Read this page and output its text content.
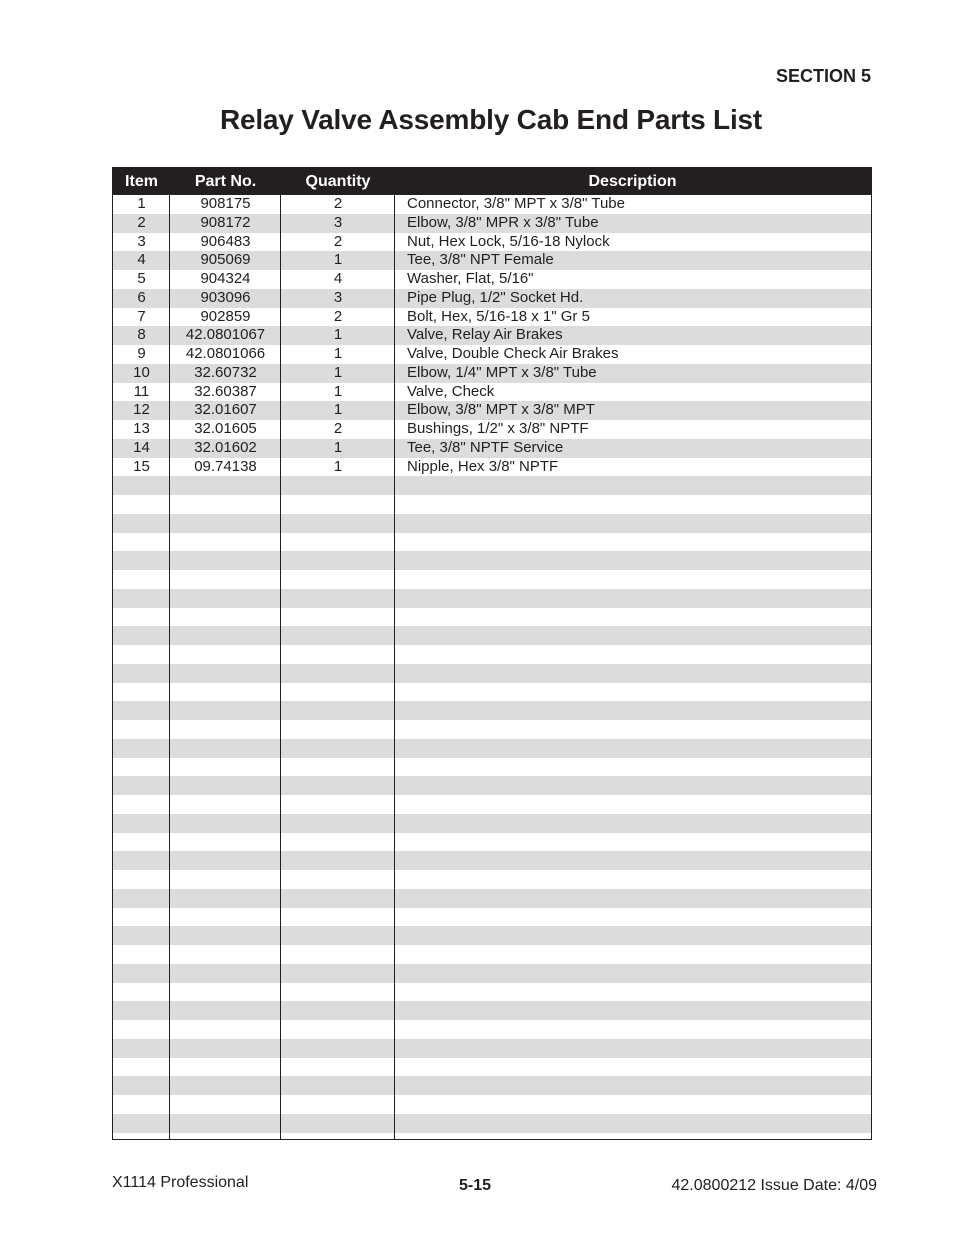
SECTION 5
Relay Valve Assembly Cab End Parts List
Item	Part No.	Quantity	Description
1	908175	2	Connector, 3/8" MPT x 3/8" Tube
2	908172	3	Elbow, 3/8" MPR x 3/8" Tube
3	906483	2	Nut, Hex Lock, 5/16-18 Nylock
4	905069	1	Tee, 3/8" NPT Female
5	904324	4	Washer, Flat, 5/16"
6	903096	3	Pipe Plug, 1/2" Socket Hd.
7	902859	2	Bolt, Hex, 5/16-18 x 1" Gr 5
8	42.0801067	1	Valve, Relay Air Brakes
9	42.0801066	1	Valve, Double Check Air Brakes
10	32.60732	1	Elbow, 1/4" MPT x 3/8" Tube
11	32.60387	1	Valve, Check
12	32.01607	1	Elbow, 3/8" MPT x 3/8" MPT
13	32.01605	2	Bushings, 1/2" x 3/8" NPTF
14	32.01602	1	Tee, 3/8" NPTF Service
15	09.74138	1	Nipple, Hex 3/8" NPTF
X1114 Professional	5-15	42.0800212 Issue Date: 4/09
